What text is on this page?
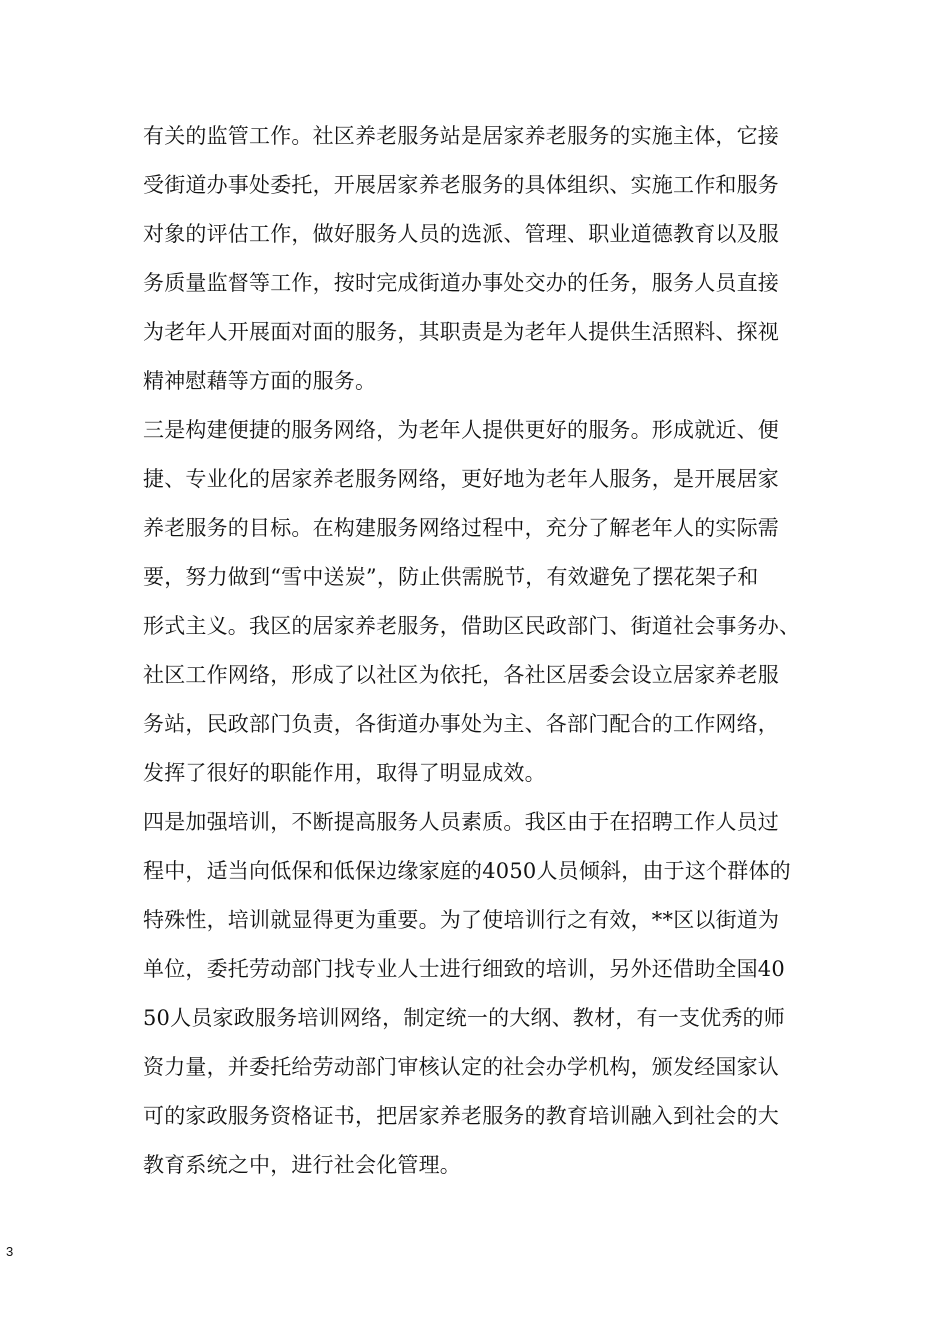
有关的监管工作。社区养老服务站是居家养老服务的实施主体，它接
受街道办事处委托，开展居家养老服务的具体组织、实施工作和服务
对象的评估工作，做好服务人员的选派、管理、职业道德教育以及服
务质量监督等工作，按时完成街道办事处交办的任务，服务人员直接
为老年人开展面对面的服务，其职责是为老年人提供生活照料、探视
精神慰藉等方面的服务。
三是构建便捷的服务网络，为老年人提供更好的服务。形成就近、便
捷、专业化的居家养老服务网络，更好地为老年人服务，是开展居家
养老服务的目标。在构建服务网络过程中，充分了解老年人的实际需
要，努力做到“雪中送炭”，防止供需脱节，有效避免了摆花架子和
形式主义。我区的居家养老服务，借助区民政部门、街道社会事务办、
社区工作网络，形成了以社区为依托，各社区居委会设立居家养老服
务站，民政部门负责，各街道办事处为主、各部门配合的工作网络，
发挥了很好的职能作用，取得了明显成效。
四是加强培训，不断提高服务人员素质。我区由于在招聘工作人员过
程中，适当向低保和低保边缘家庭的4050人员倾斜，由于这个群体的
特殊性，培训就显得更为重要。为了使培训行之有效，**区以街道为
单位，委托劳动部门找专业人士进行细致的培训，另外还借助全国40
50人员家政服务培训网络，制定统一的大纲、教材，有一支优秀的师
资力量，并委托给劳动部门审核认定的社会办学机构，颁发经国家认
可的家政服务资格证书，把居家养老服务的教育培训融入到社会的大
教育系统之中，进行社会化管理。
3
